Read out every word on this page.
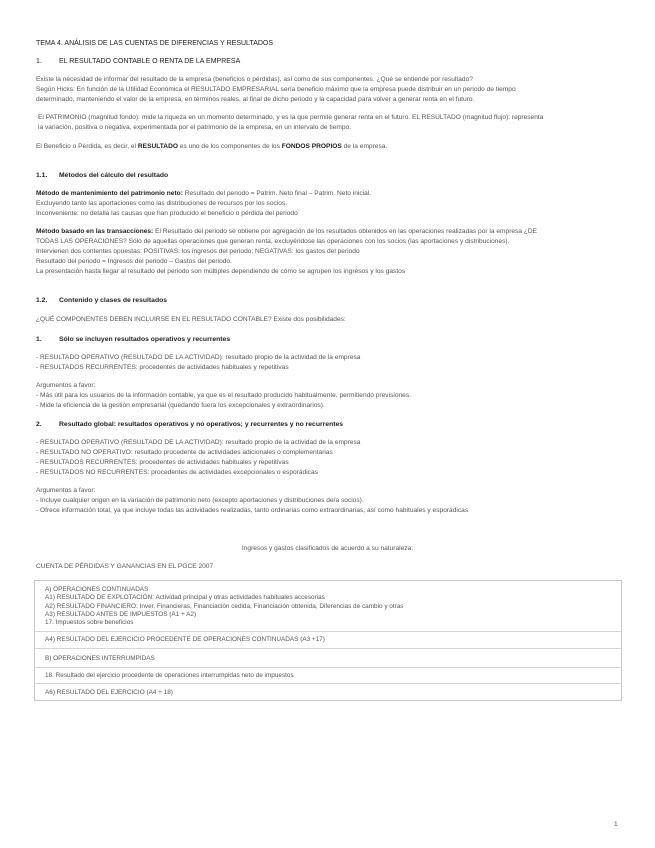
TEMA 4. ANÁLISIS DE LAS CUENTAS DE DIFERENCIAS Y RESULTADOS
1. EL RESULTADO CONTABLE O RENTA DE LA EMPRESA
Existe la necesidad de informar del resultado de la empresa (beneficios o pérdidas), así como de sus componentes. ¿Qué se entiende por resultado?
Según Hicks: En función de la Utilidad Económica el RESULTADO EMPRESARIAL sería beneficio máximo que la empresa puede distribuir en un periodo de tiempo
determinado, manteniendo el valor de la empresa, en términos reales, al final de dicho periodo y la capacidad para volver a generar renta en el futuro.
El PATRIMONIO (magnitud fondo): mide la riqueza en un momento determinado, y es la que permite generar renta en el futuro. EL RESULTADO (magnitud flujo): representa
la variación, positiva o negativa, experimentada por el patrimonio de la empresa, en un intervalo de tiempo.
El Beneficio o Pérdida, es decir, el RESULTADO es uno de los componentes de los FONDOS PROPIOS de la empresa.
1.1. Métodos del cálculo del resultado
Método de mantenimiento del patrimonio neto: Resultado del periodo = Patrim. Neto final – Patrim. Neto inicial.
Excluyendo tanto las aportaciones como las distribuciones de recursos por los socios.
Inconveniente: no detalla las causas que han producido el beneficio o pérdida del periodo
Método basado en las transacciones: El Resultado del periodo se obtiene por agregación de los resultados obtenidos en las operaciones realizadas por la empresa ¿DE
TODAS LAS OPERACIONES? Sólo de aquellas operaciones que generan renta, excluyéndose las operaciones con los socios (las aportaciones y distribuciones).
Intervienen dos contentes opuestas: POSITIVAS: los ingresos del periodo; NEGATIVAS: los gastos del periodo
Resultado del periodo = Ingresos del periodo – Gastos del periodo.
La presentación hasta llegar al resultado del periodo son múltiples dependiendo de cómo se agrupen los ingresos y los gastos
1.2. Contenido y clases de resultados
¿QUÉ COMPONENTES DEBEN INCLUIRSE EN EL RESULTADO CONTABLE? Existe dos posibilidades:
1.	Sólo se incluyen resultados operativos y recurrentes
- RESULTADO OPERATIVO (RESULTADO DE LA ACTIVIDAD): resultado propio de la actividad de la empresa
- RESULTADOS RECURRENTES: procedentes de actividades habituales y repetitivas
Argumentos a favor:
- Más útil para los usuarios de la información contable, ya que es el resultado producido habitualmente, permitiendo previsiones.
- Mide la eficiencia de la gestión empresarial (quedando fuera los excepcionales y extraordinarios).
2.	Resultado global: resultados operativos y no operativos; y recurrentes y no recurrentes
- RESULTADO OPERATIVO (RESULTADO DE LA ACTIVIDAD): resultado propio de la actividad de la empresa
- RESULTADO NO OPERATIVO: resultado procedente de actividades adicionales o complementarias
- RESULTADOS RECURRENTES: procedentes de actividades habituales y repetitivas
- RESULTADOS NO RECURRENTES: procedentes de actividades excepcionales o esporádicas
Argumentos a favor:
- Incluye cualquier origen en la variación de patrimonio neto (excepto aportaciones y distribuciones de/a socios).
- Ofrece información total, ya que incluye todas las actividades realizadas, tanto ordinarias como extraordinarias, así como habituales y esporádicas
Ingresos y gastos clasificados de acuerdo a su naturaleza:
CUENTA DE PÉRDIDAS Y GANANCIAS EN EL PGCE 2007
A) OPERACIONES CONTINUADAS
A1) RESULTADO DE EXPLOTACIÓN: Actividad principal y otras actividades habituales accesorias
A2) RESULTADO FINANCIERO: Inver. Financieras, Financiación cedida, Financiación obtenida, Diferencias de cambio y otras
A3) RESULTADO ANTES DE IMPUESTOS (A1 + A2)
17. Impuestos sobre beneficios
A4) RESULTADO DEL EJERCICIO PROCEDENTE DE OPERACIONES CONTINUADAS (A3 +17)
B) OPERACIONES INTERRUMPIDAS
18. Resultado del ejercicio procedente de operaciones interrumpidas neto de impuestos
A6) RESULTADO DEL EJERCICIO (A4 + 18)
1
